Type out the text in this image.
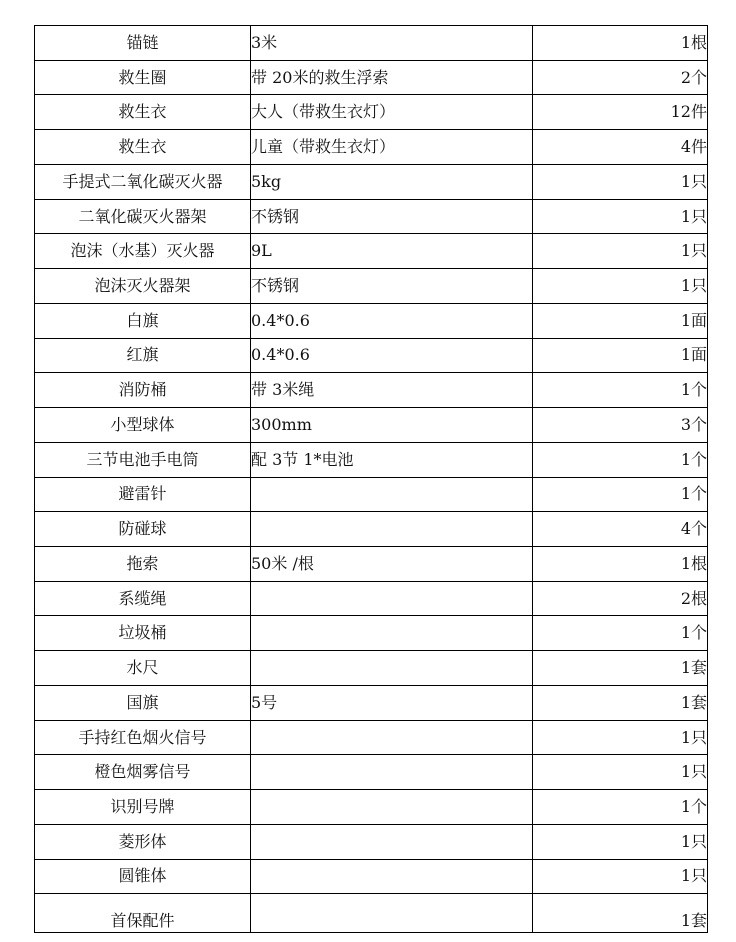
锚链	3米	1根
救生圈	带 20米的救生浮索	2个
救生衣	大人（带救生衣灯）	12件
救生衣	儿童（带救生衣灯）	4件
手提式二氧化碳灭火器	5kg	1只
二氧化碳灭火器架	不锈钢	1只
泡沫（水基）灭火器	9L	1只
泡沫灭火器架	不锈钢	1只
白旗	0.4*0.6	1面
红旗	0.4*0.6	1面
消防桶	带 3米绳	1个
小型球体	300mm	3个
三节电池手电筒	配 3节 1*电池	1个
避雷针		1个
防碰球		4个
拖索	50米 /根	1根
系缆绳		2根
垃圾桶		1个
水尺		1套
国旗	5号	1套
手持红色烟火信号		1只
橙色烟雾信号		1只
识别号牌		1个
菱形体		1只
圆锥体		1只
首保配件		1套
